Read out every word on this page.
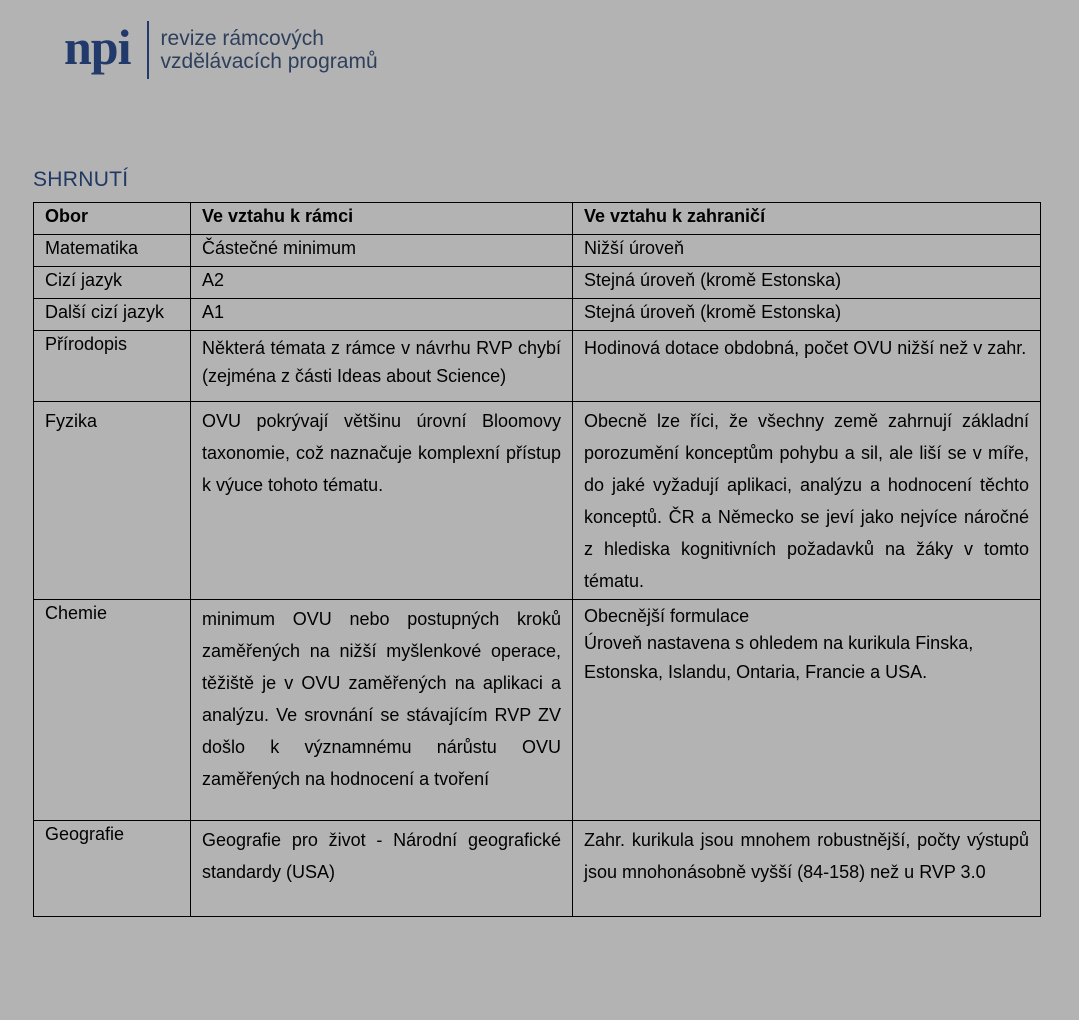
npi revize rámcových
vzdělávacích programů
SHRNUTÍ
Obor	Ve vztahu k rámci	Ve vztahu k zahraničí
Matematika	Částečné minimum	Nižší úroveň
Cizí jazyk	A2	Stejná úroveň (kromě Estonska)
Další cizí jazyk	A1	Stejná úroveň (kromě Estonska)
Přírodopis	Některá témata z rámce v návrhu RVP chybí (zejména z části Ideas about Science)	Hodinová dotace obdobná, počet OVU nižší než v zahr.
Fyzika	OVU pokrývají většinu úrovní Bloomovy taxonomie, což naznačuje komplexní přístup k výuce tohoto tématu.	Obecně lze říci, že všechny země zahrnují základní porozumění konceptům pohybu a sil, ale liší se v míře, do jaké vyžadují aplikaci, analýzu a hodnocení těchto konceptů. ČR a Německo se jeví jako nejvíce náročné z hlediska kognitivních požadavků na žáky v tomto tématu.
Chemie	minimum OVU nebo postupných kroků zaměřených na nižší myšlenkové operace, těžiště je v OVU zaměřených na aplikaci a analýzu. Ve srovnání se stávajícím RVP ZV došlo k významnému nárůstu OVU zaměřených na hodnocení a tvoření	Obecnější formulace
Úroveň nastavena s ohledem na kurikula Finska, Estonska, Islandu, Ontaria, Francie a USA.

Geografie	Geografie pro život - Národní geografické standardy (USA)	Zahr. kurikula jsou mnohem robustnější, počty výstupů jsou mnohonásobně vyšší (84-158) než u RVP 3.0
